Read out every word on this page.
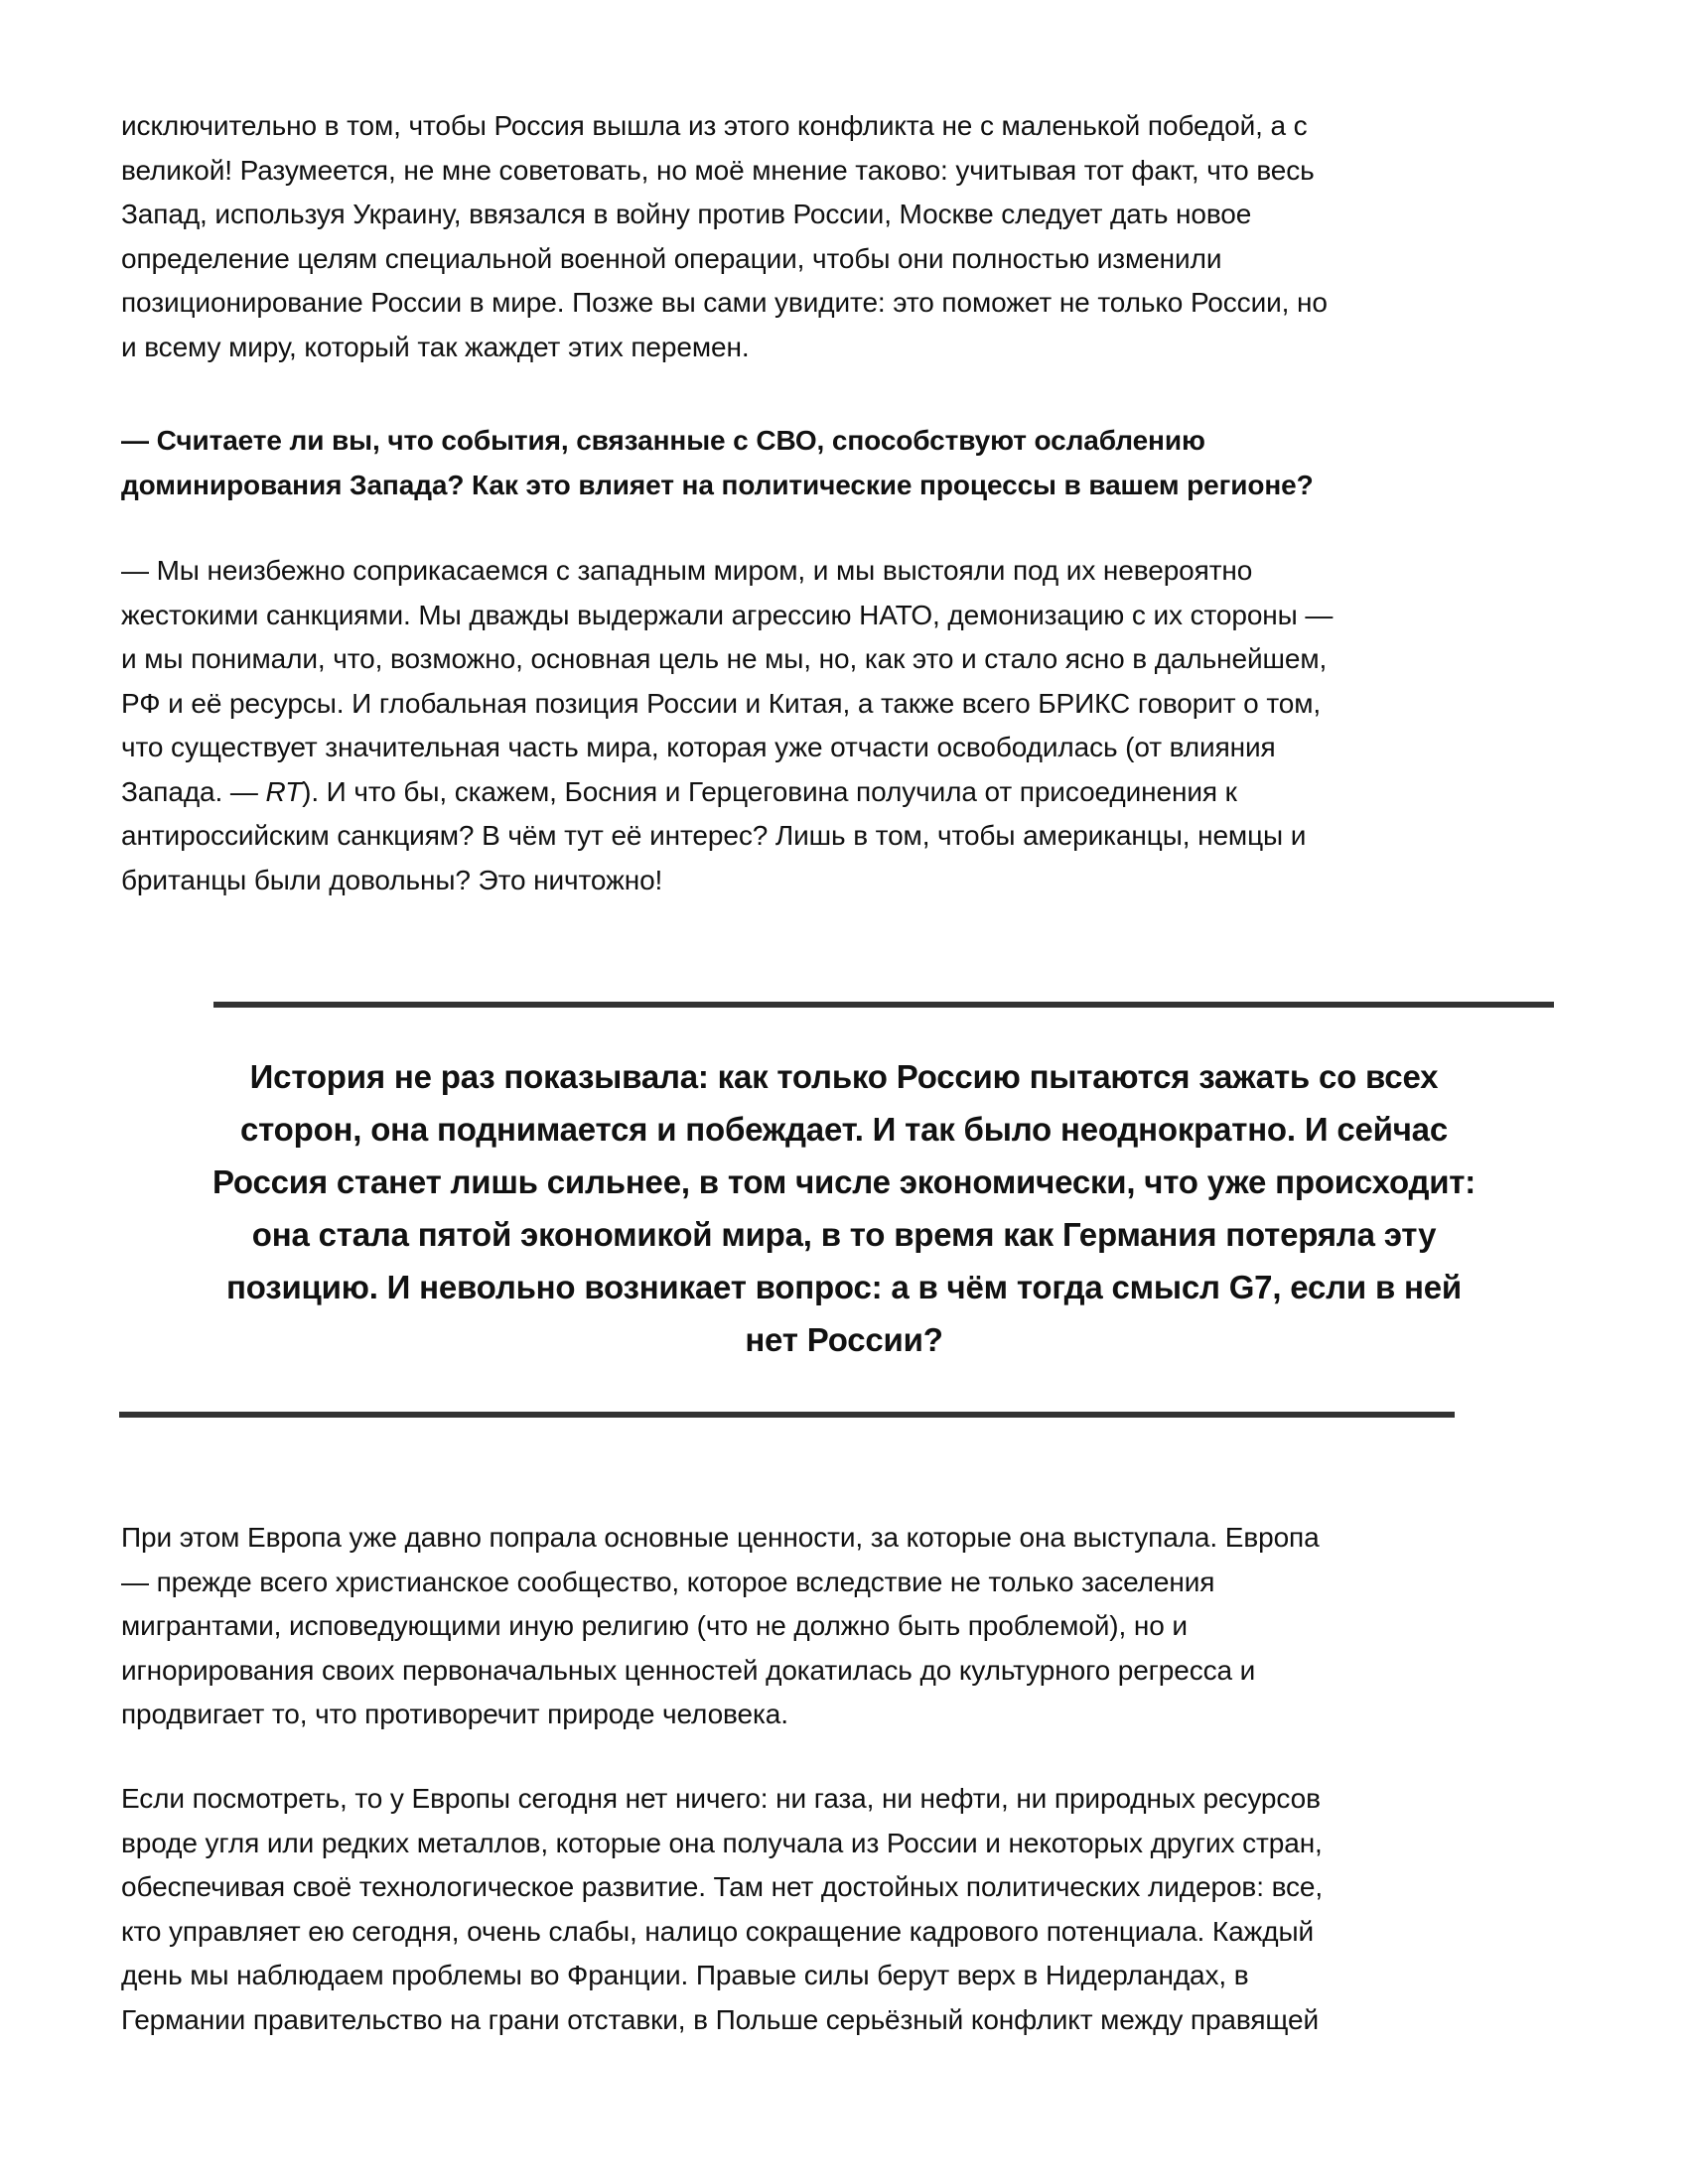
исключительно в том, чтобы Россия вышла из этого конфликта не с маленькой победой, а с
великой! Разумеется, не мне советовать, но моё мнение таково: учитывая тот факт, что весь
Запад, используя Украину, ввязался в войну против России, Москве следует дать новое
определение целям специальной военной операции, чтобы они полностью изменили
позиционирование России в мире. Позже вы сами увидите: это поможет не только России, но
и всему миру, который так жаждет этих перемен.
— Считаете ли вы, что события, связанные с СВО, способствуют ослаблению
доминирования Запада? Как это влияет на политические процессы в вашем регионе?
— Мы неизбежно соприкасаемся с западным миром, и мы выстояли под их невероятно
жестокими санкциями. Мы дважды выдержали агрессию НАТО, демонизацию с их стороны —
и мы понимали, что, возможно, основная цель не мы, но, как это и стало ясно в дальнейшем,
РФ и её ресурсы. И глобальная позиция России и Китая, а также всего БРИКС говорит о том,
что существует значительная часть мира, которая уже отчасти освободилась (от влияния
Запада. — RT). И что бы, скажем, Босния и Герцеговина получила от присоединения к
антироссийским санкциям? В чём тут её интерес? Лишь в том, чтобы американцы, немцы и
британцы были довольны? Это ничтожно!
История не раз показывала: как только Россию пытаются зажать со всех
сторон, она поднимается и побеждает. И так было неоднократно. И сейчас
Россия станет лишь сильнее, в том числе экономически, что уже происходит:
она стала пятой экономикой мира, в то время как Германия потеряла эту
позицию. И невольно возникает вопрос: а в чём тогда смысл G7, если в ней
нет России?
При этом Европа уже давно попрала основные ценности, за которые она выступала. Европа
— прежде всего христианское сообщество, которое вследствие не только заселения
мигрантами, исповедующими иную религию (что не должно быть проблемой), но и
игнорирования своих первоначальных ценностей докатилась до культурного регресса и
продвигает то, что противоречит природе человека.
Если посмотреть, то у Европы сегодня нет ничего: ни газа, ни нефти, ни природных ресурсов
вроде угля или редких металлов, которые она получала из России и некоторых других стран,
обеспечивая своё технологическое развитие. Там нет достойных политических лидеров: все,
кто управляет ею сегодня, очень слабы, налицо сокращение кадрового потенциала. Каждый
день мы наблюдаем проблемы во Франции. Правые силы берут верх в Нидерландах, в
Германии правительство на грани отставки, в Польше серьёзный конфликт между правящей
